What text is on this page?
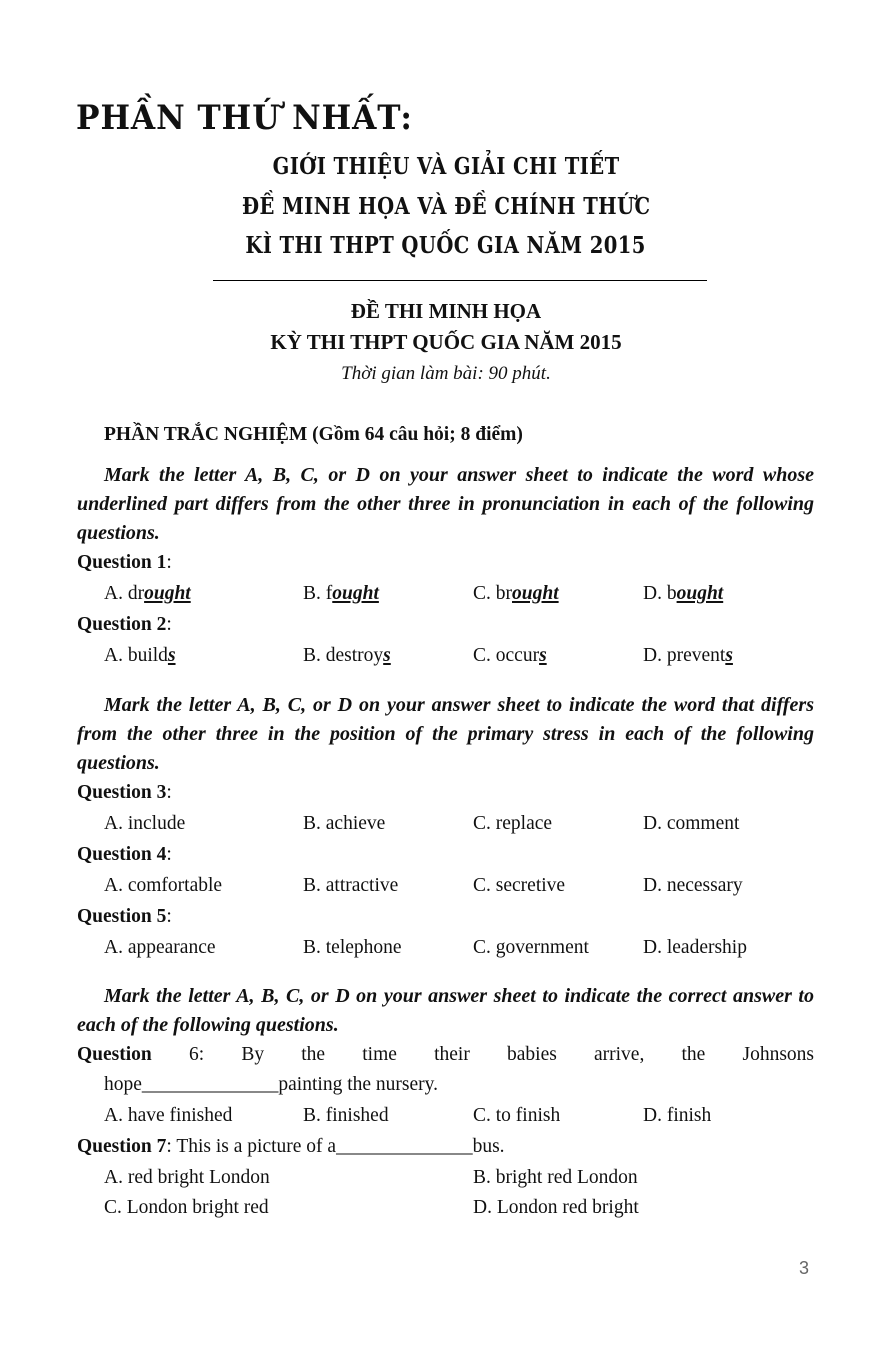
PHẦN THỨ NHẤT:
GIỚI THIỆU VÀ GIẢI CHI TIẾT
ĐỀ MINH HỌA VÀ ĐỀ CHÍNH THỨC
KÌ THI THPT QUỐC GIA NĂM 2015
ĐỀ THI MINH HỌA
KỲ THI THPT QUỐC GIA NĂM 2015
Thời gian làm bài: 90 phút.
PHẦN TRẮC NGHIỆM (Gồm 64 câu hỏi; 8 điểm)
Mark the letter A, B, C, or D on your answer sheet to indicate the word whose underlined part differs from the other three in pronunciation in each of the following questions.
Question 1:
A. drought	B. fought	C. brought	D. bought
Question 2:
A. builds	B. destroys	C. occurs	D. prevents
Mark the letter A, B, C, or D on your answer sheet to indicate the word that differs from the other three in the position of the primary stress in each of the following questions.
Question 3:
A. include	B. achieve	C. replace	D. comment
Question 4:
A. comfortable	B. attractive	C. secretive	D. necessary
Question 5:
A. appearance	B. telephone	C. government	D. leadership
Mark the letter A, B, C, or D on your answer sheet to indicate the correct answer to each of the following questions.
Question 6: By the time their babies arrive, the Johnsons
hope______________painting the nursery.
A. have finished	B. finished	C. to finish	D. finish
Question 7: This is a picture of a______________bus.
A. red bright London	B. bright red London
C. London bright red	D. London red bright
3
